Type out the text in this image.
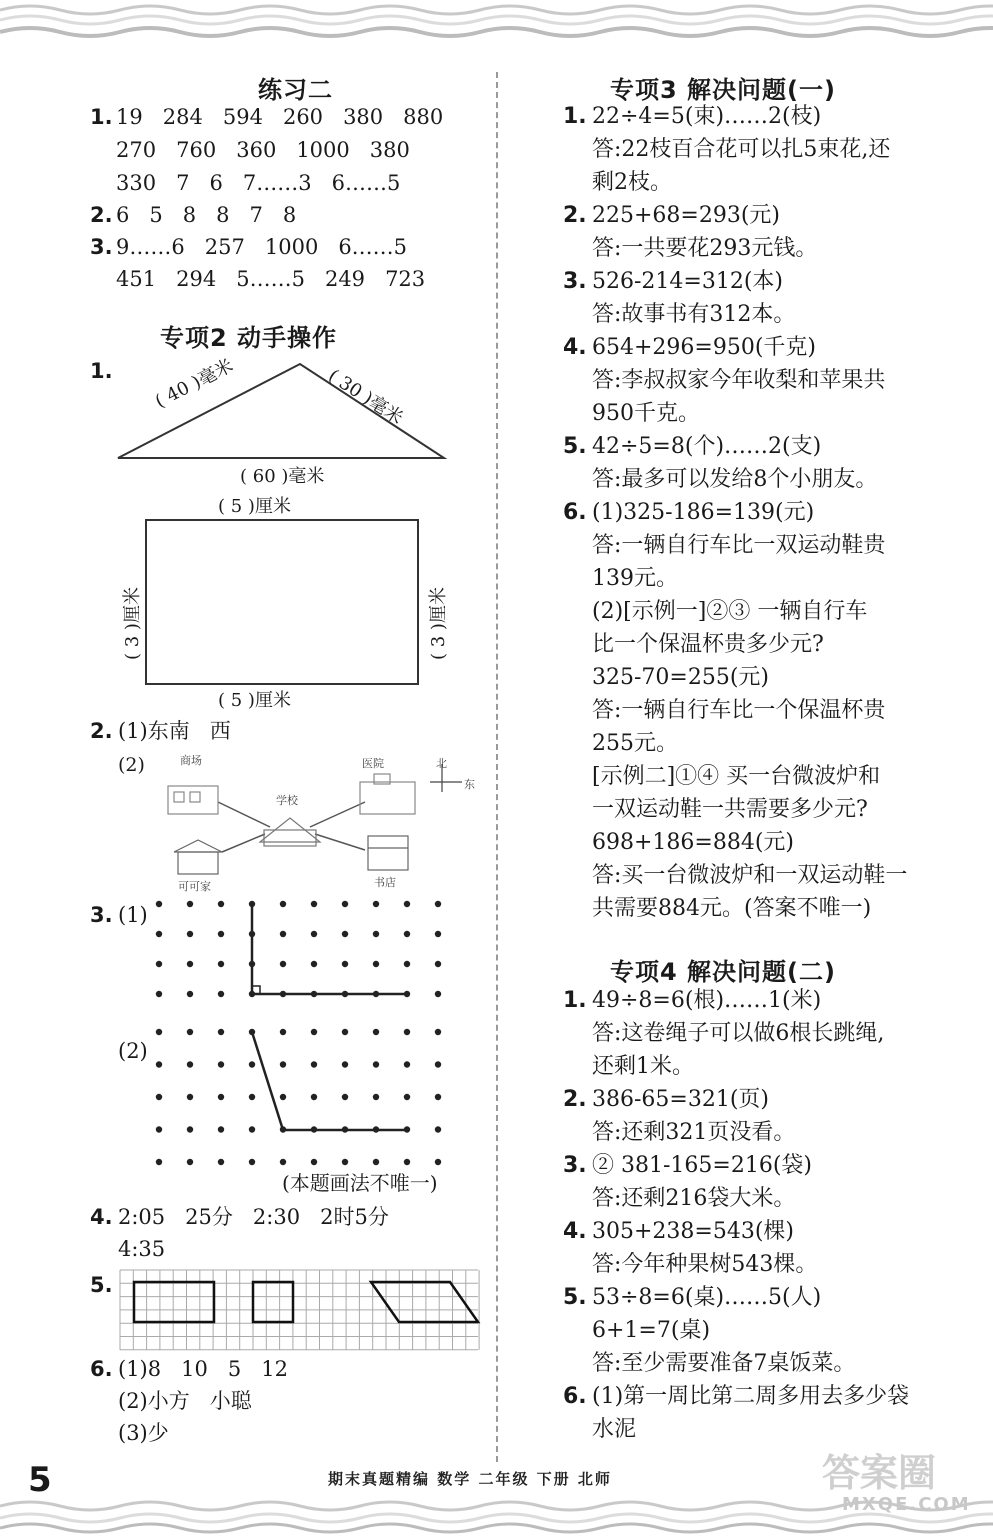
练习二
1. 19   284   594   260   380   880
270   760   360   1000   380
330   7   6   7……3   6……5
2. 6   5   8   8   7   8
3. 9……6   257   1000   6……5
451   294   5……5   249   723
专项2 动手操作
1. ( 40 )毫米	( 30 )毫米
( 60 )毫米
( 5 )厘米
( 3 )厘米	( 3 )厘米
( 5 )厘米
2. (1)东南   西
(2)	商场	医院
学校
可可家	书店
北
东
3. (1)
(2)
(本题画法不唯一)
4. 2:05   25分   2:30   2时5分
4:35
5.
6. (1)8   10   5   12
(2)小方   小聪
(3)少
专项3 解决问题(一)
1. 22÷4=5(束)……2(枝)
答:22枝百合花可以扎5束花,还
剩2枝。
2. 225+68=293(元)
答:一共要花293元钱。
3. 526-214=312(本)
答:故事书有312本。
4. 654+296=950(千克)
答:李叔叔家今年收梨和苹果共
950千克。
5. 42÷5=8(个)……2(支)
答:最多可以发给8个小朋友。
6. (1)325-186=139(元)
答:一辆自行车比一双运动鞋贵
139元。
(2)[示例一]②③ 一辆自行车
比一个保温杯贵多少元?
325-70=255(元)
答:一辆自行车比一个保温杯贵
255元。
[示例二]①④ 买一台微波炉和
一双运动鞋一共需要多少元?
698+186=884(元)
答:买一台微波炉和一双运动鞋一
共需要884元。(答案不唯一)
专项4 解决问题(二)
1. 49÷8=6(根)……1(米)
答:这卷绳子可以做6根长跳绳,
还剩1米。
2. 386-65=321(页)
答:还剩321页没看。
3. ② 381-165=216(袋)
答:还剩216袋大米。
4. 305+238=543(棵)
答:今年种果树543棵。
5. 53÷8=6(桌)……5(人)
6+1=7(桌)
答:至少需要准备7桌饭菜。
6. (1)第一周比第二周多用去多少袋
水泥
5	期末真题精编 数学 二年级 下册 北师	答案圈
MXQE.COM
